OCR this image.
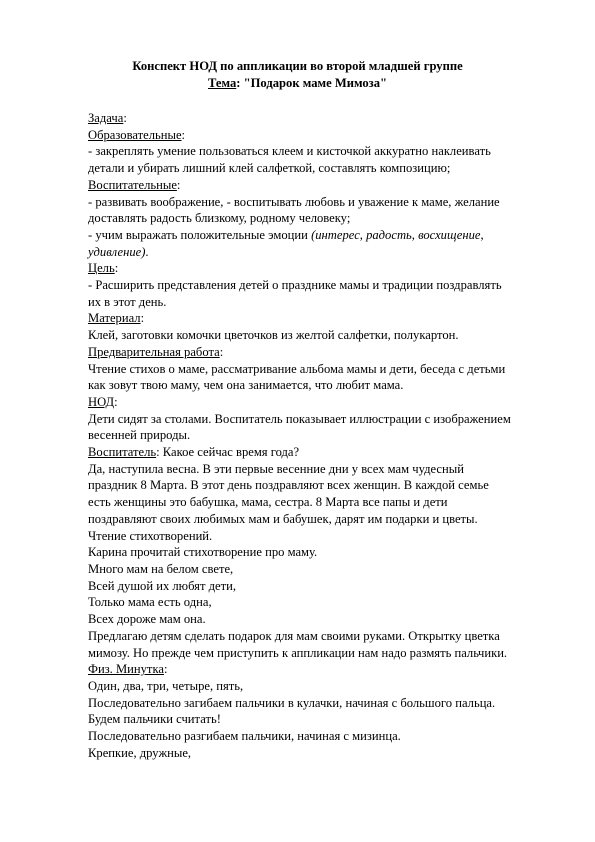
Конспект НОД по аппликации во второй младшей группе
Тема: "Подарок маме Мимоза"
Задача:
Образовательные:
- закреплять умение пользоваться клеем и кисточкой аккуратно наклеивать
детали и убирать лишний клей салфеткой, составлять композицию;
Воспитательные:
- развивать воображение, - воспитывать любовь и уважение к маме, желание
доставлять радость близкому, родному человеку;
- учим выражать положительные эмоции (интерес, радость, восхищение,
удивление).
Цель:
- Расширить представления детей о празднике мамы и традиции поздравлять
их в этот день.
Материал:
Клей, заготовки комочки цветочков из желтой салфетки, полукартон.
Предварительная работа:
Чтение стихов о маме, рассматривание альбома мамы и дети, беседа с детьми
как зовут твою маму, чем она занимается, что любит мама.
НОД:
Дети сидят за столами. Воспитатель показывает иллюстрации с изображением
весенней природы.
Воспитатель: Какое сейчас время года?
Да, наступила весна. В эти первые весенние дни у всех мам чудесный
праздник 8 Марта. В этот день поздравляют всех женщин. В каждой семье
есть женщины это бабушка, мама, сестра. 8 Марта все папы и дети
поздравляют своих любимых мам и бабушек, дарят им подарки и цветы.
Чтение стихотворений.
Карина прочитай стихотворение про маму.
Много мам на белом свете,
Всей душой их любят дети,
Только мама есть одна,
Всех дороже мам она.
Предлагаю детям сделать подарок для мам своими руками. Открытку цветка
мимозу. Но прежде чем приступить к аппликации нам надо размять пальчики.
Физ. Минутка:
Один, два, три, четыре, пять,
Последовательно загибаем пальчики в кулачки, начиная с большого пальца.
Будем пальчики считать!
Последовательно разгибаем пальчики, начиная с мизинца.
Крепкие, дружные,
